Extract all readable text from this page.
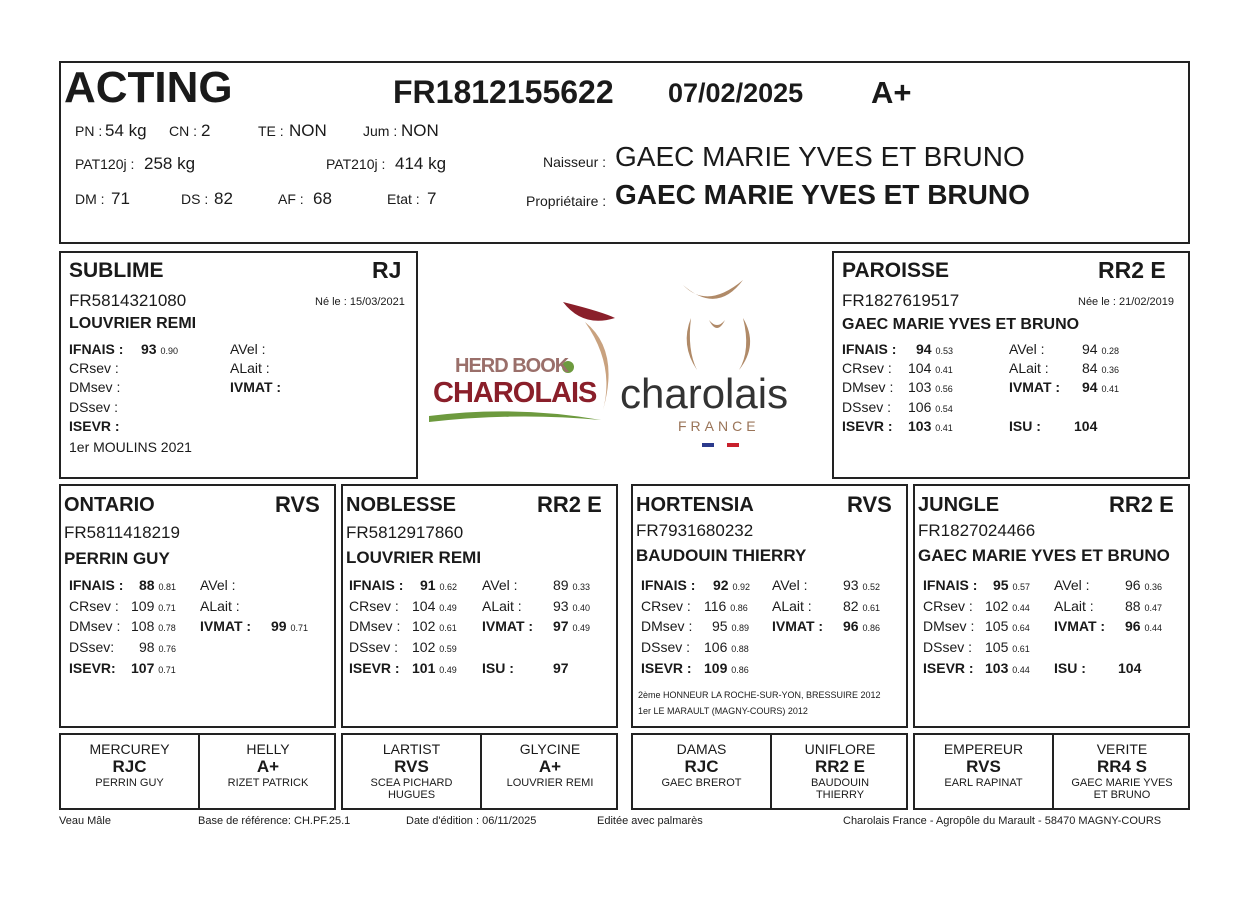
ACTING	FR1812155622 07/02/2025 A+
PN : 54 kg CN : 2	TE : NON	Jum : NON
PAT120j : 258 kg	PAT210j : 414 kg
DM : 71	DS : 82	AF : 68	Etat : 7
Naisseur : GAEC MARIE YVES ET BRUNO
Propriétaire : GAEC MARIE YVES ET BRUNO
SUBLIME	RJ
FR5814321080	Né le : 15/03/2021
LOUVRIER REMI
IFNAIS : 93 0.90
CRsev :
DMsev :
DSsev :
ISEVR :
AVel :
ALait :
IVMAT :
1er MOULINS 2021
HERD BOOK
CHAROLAIS charolais
FRANCE
PAROISSE	RR2 E
FR1827619517	Née le : 21/02/2019
GAEC MARIE YVES ET BRUNO
IFNAIS : 94 0.53
CRsev : 104 0.41
DMsev : 103 0.56
DSsev : 106 0.54
ISEVR : 103 0.41
AVel :	94 0.28
ALait : 84 0.36
IVMAT : 94 0.41
ISU : 104
ONTARIO	RVS
FR5811418219
PERRIN GUY
IFNAIS : 88 0.81
CRsev : 109 0.71
DMsev : 108 0.78
DSsev: 98 0.76
ISEVR: 107 0.71
AVel :
ALait :
IVMAT : 99 0.71
NOBLESSE	RR2 E
FR5812917860
LOUVRIER REMI
IFNAIS : 91 0.62
CRsev : 104 0.49
DMsev : 102 0.61
DSsev : 102 0.59
ISEVR : 101 0.49
AVel :	89 0.33
ALait : 93 0.40
IVMAT : 97 0.49
ISU :	97
HORTENSIA	RVS
FR7931680232
BAUDOUIN THIERRY
IFNAIS : 92 0.92
CRsev : 116 0.86
DMsev : 95 0.89
DSsev : 106 0.88
ISEVR : 109 0.86
AVel :	93 0.52
ALait : 82 0.61
IVMAT : 96 0.86
2ème HONNEUR LA ROCHE-SUR-YON, BRESSUIRE 2012
1er LE MARAULT (MAGNY-COURS) 2012
JUNGLE	RR2 E
FR1827024466
GAEC MARIE YVES ET BRUNO
IFNAIS : 95 0.57
CRsev : 102 0.44
DMsev : 105 0.64
DSsev : 105 0.61
ISEVR : 103 0.44
AVel :	96 0.36
ALait : 88 0.47
IVMAT : 96 0.44
ISU : 104
MERCUREY
RJC
PERRIN GUY
HELLY
A+
RIZET PATRICK
LARTIST
RVS
SCEA PICHARD HUGUES
GLYCINE
A+
LOUVRIER REMI
DAMAS
RJC
GAEC BREROT
UNIFLORE
RR2 E
BAUDOUIN THIERRY
EMPEREUR
RVS
EARL RAPINAT
VERITE
RR4 S
GAEC MARIE YVES ET BRUNO
Veau Mâle	Base de référence: CH.PF.25.1	Date d'édition : 06/11/2025	Editée avec palmarès	Charolais France - Agropôle du Marault - 58470 MAGNY-COURS
